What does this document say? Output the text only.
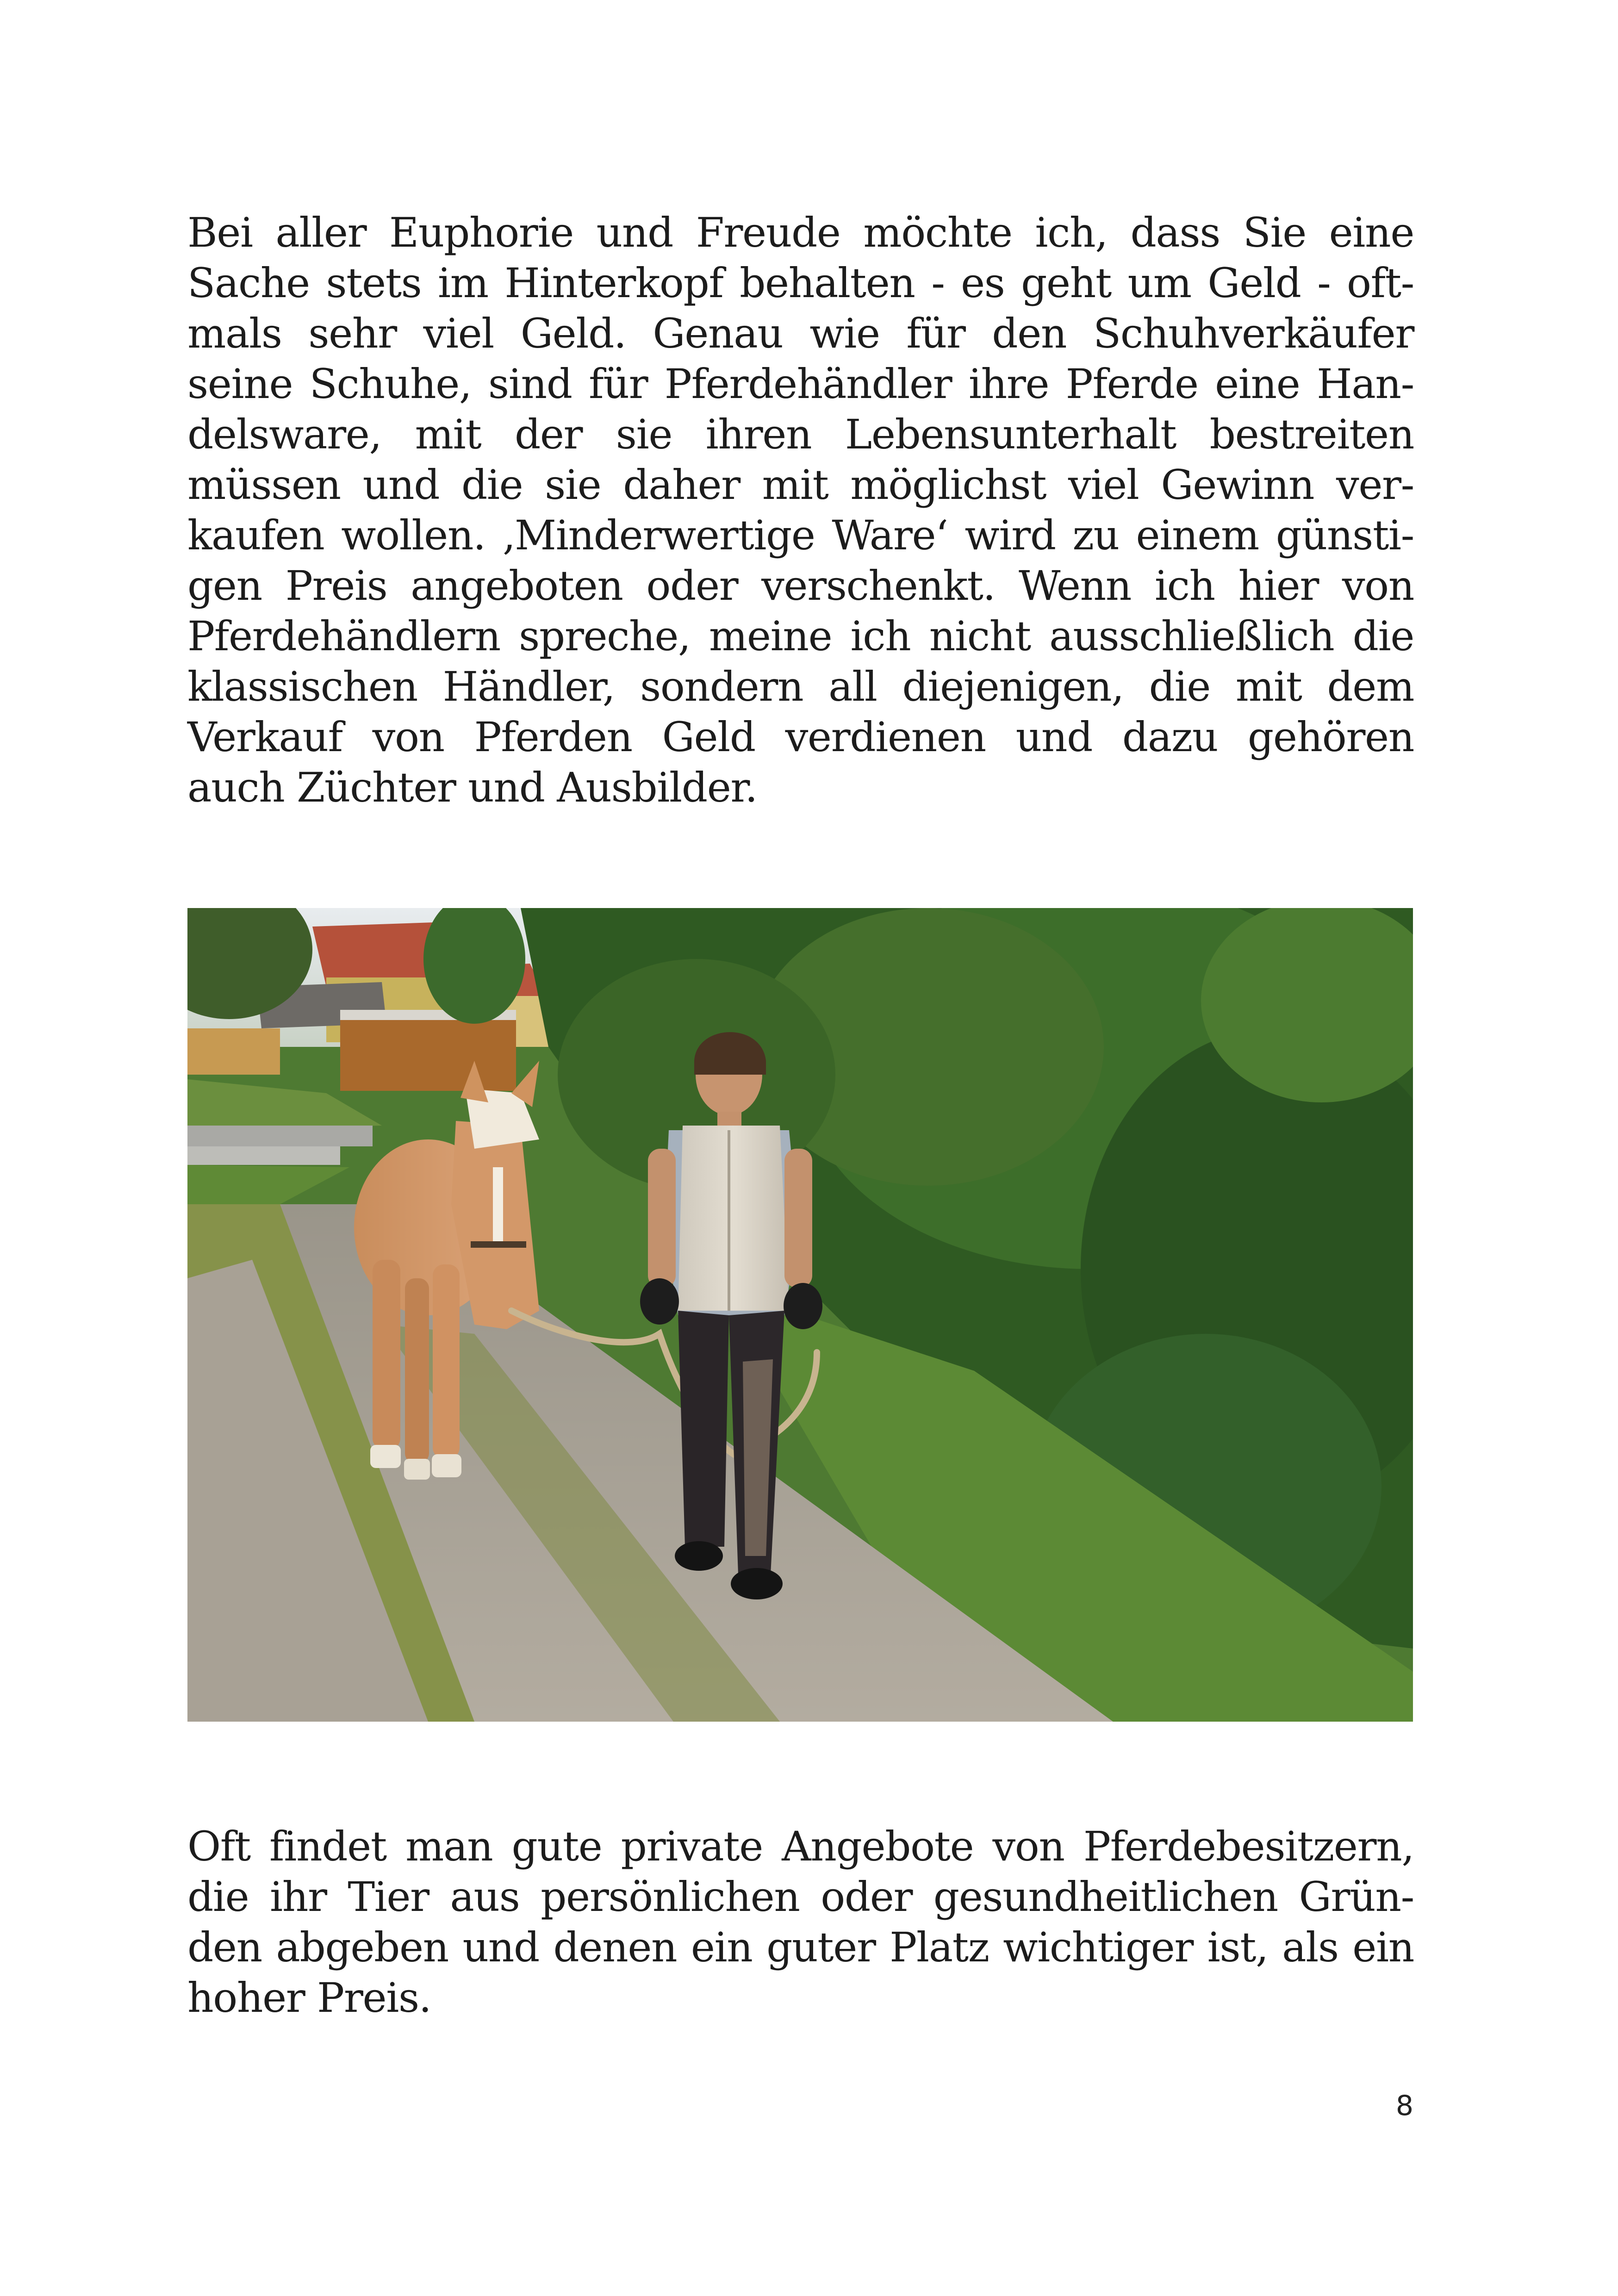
Bei aller Euphorie und Freude möchte ich, dass Sie eine
Sache stets im Hinterkopf behalten - es geht um Geld - oft-
mals sehr viel Geld. Genau wie für den Schuhverkäufer
seine Schuhe, sind für Pferdehändler ihre Pferde eine Han-
delsware, mit der sie ihren Lebensunterhalt bestreiten
müssen und die sie daher mit möglichst viel Gewinn ver-
kaufen wollen. ‚Minderwertige Ware‘ wird zu einem günsti-
gen Preis angeboten oder verschenkt. Wenn ich hier von
Pferdehändlern spreche, meine ich nicht ausschließlich die
klassischen Händler, sondern all diejenigen, die mit dem
Verkauf von Pferden Geld verdienen und dazu gehören
auch Züchter und Ausbilder.
Oft findet man gute private Angebote von Pferdebesitzern,
die ihr Tier aus persönlichen oder gesundheitlichen Grün-
den abgeben und denen ein guter Platz wichtiger ist, als ein
hoher Preis.

8
